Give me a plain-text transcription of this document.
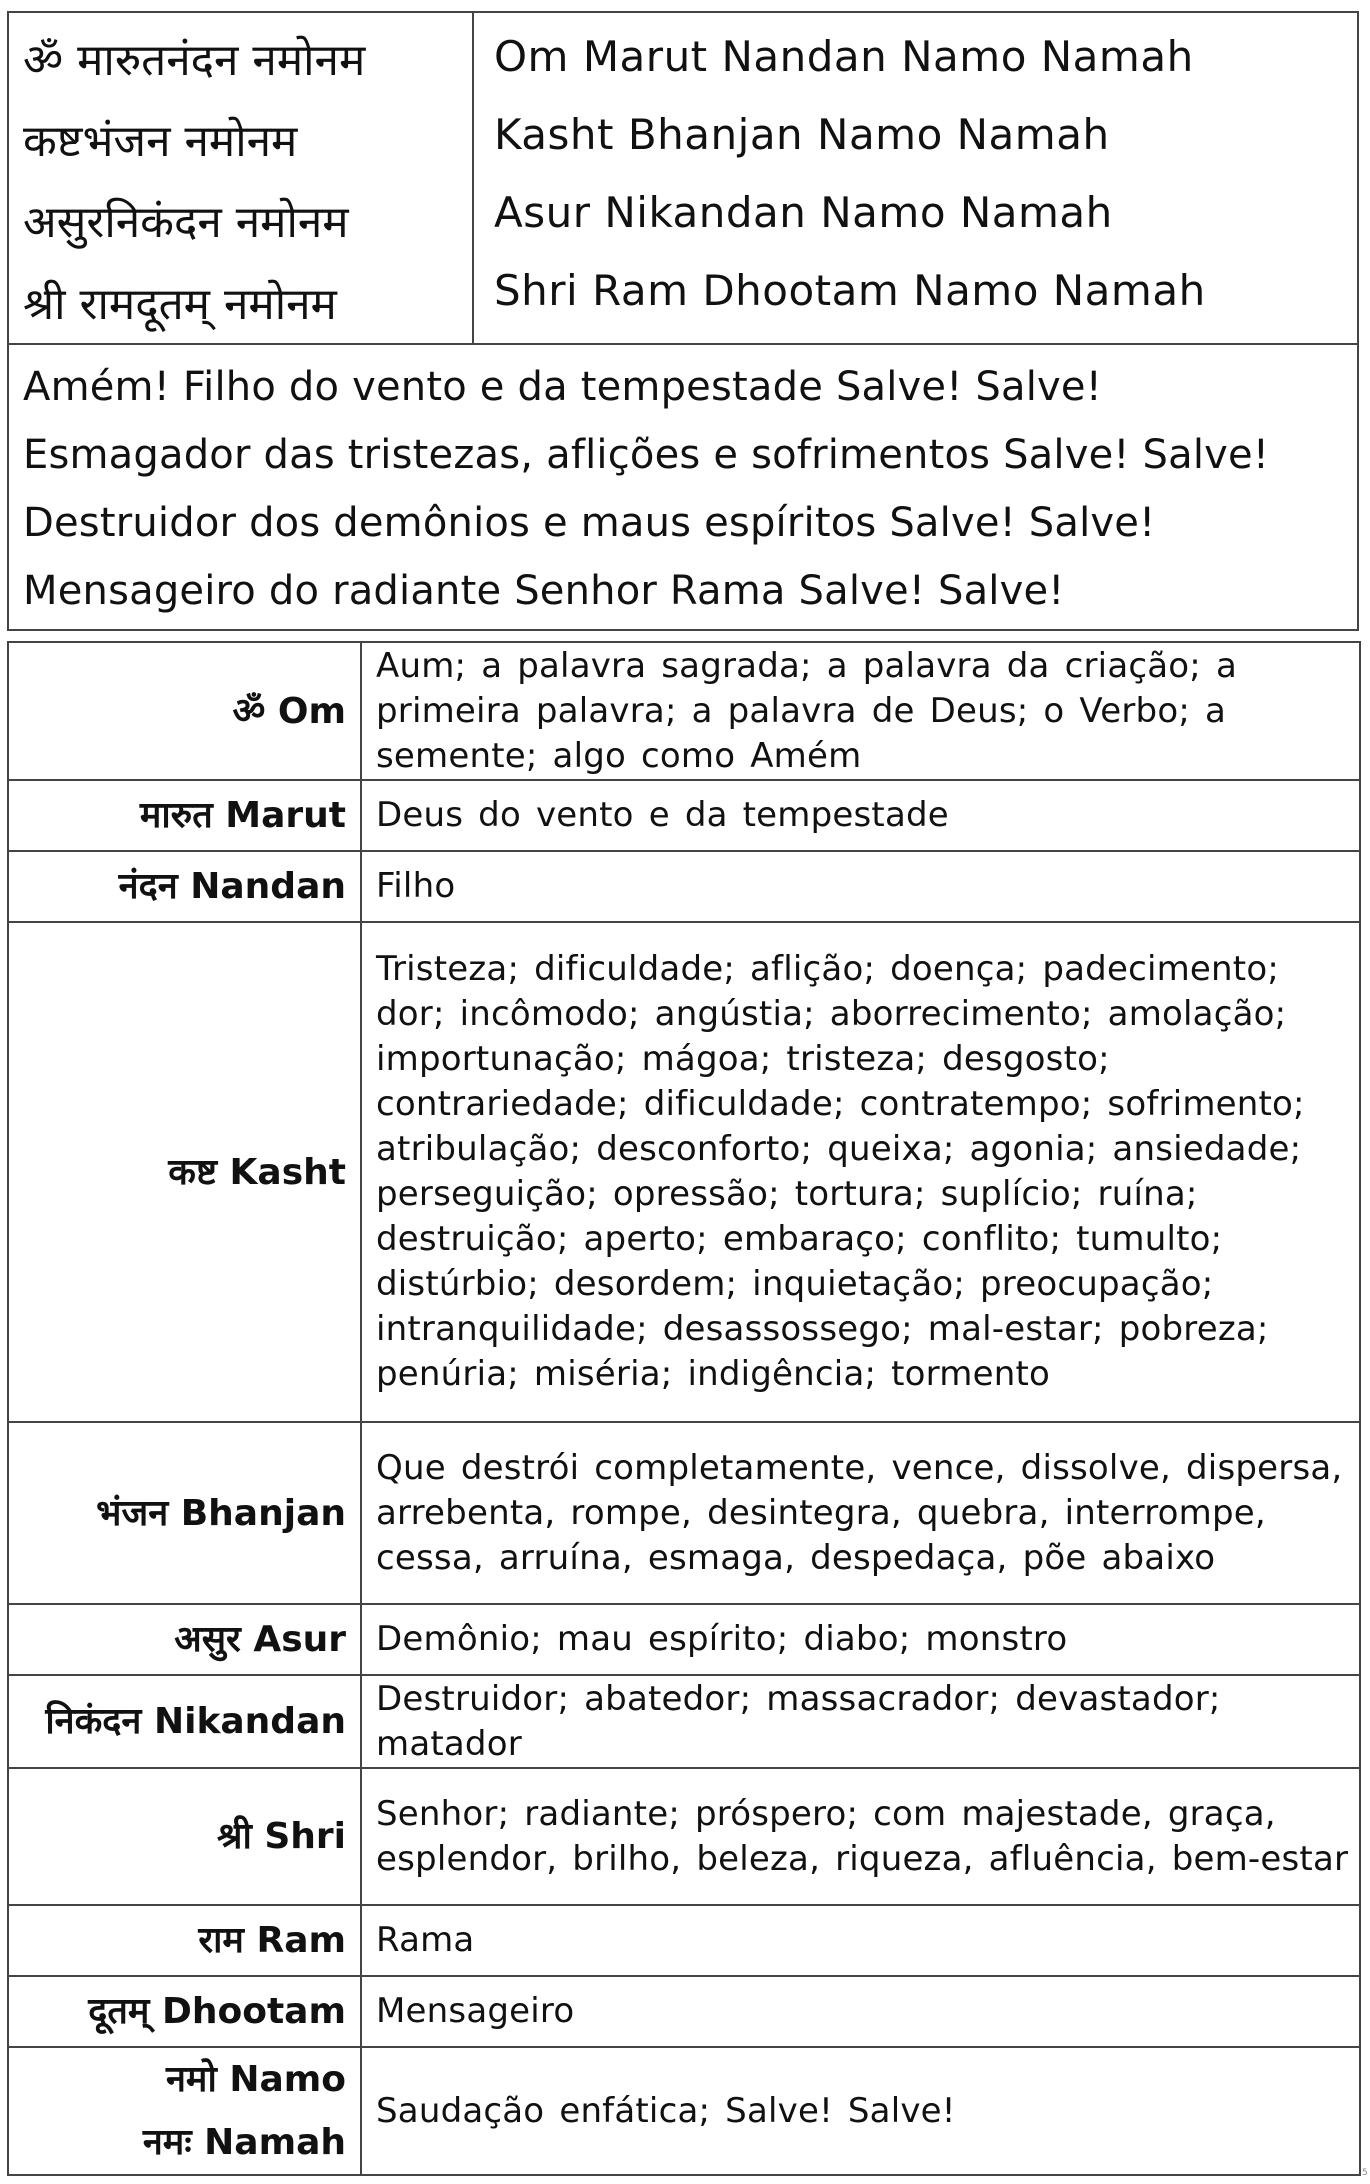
ॐ मारुतनंदन नमोनम
कष्टभंजन नमोनम
असुरनिकंदन नमोनम
श्री रामदूतम् नमोनम
Om Marut Nandan Namo Namah
Kasht Bhanjan Namo Namah
Asur Nikandan Namo Namah
Shri Ram Dhootam Namo Namah
Amém! Filho do vento e da tempestade Salve! Salve!
Esmagador das tristezas, aflições e sofrimentos Salve! Salve!
Destruidor dos demônios e maus espíritos Salve! Salve!
Mensageiro do radiante Senhor Rama Salve! Salve!
ॐ Om	Aum; a palavra sagrada; a palavra da criação; a primeira palavra; a palavra de Deus; o Verbo; a semente; algo como Amém
मारुत Marut	Deus do vento e da tempestade
नंदन Nandan	Filho
कष्ट Kasht	Tristeza; dificuldade; aflição; doença; padecimento; dor; incômodo; angústia; aborrecimento; amolação; importunação; mágoa; tristeza; desgosto; contrariedade; dificuldade; contratempo; sofrimento; atribulação; desconforto; queixa; agonia; ansiedade; perseguição; opressão; tortura; suplício; ruína; destruição; aperto; embaraço; conflito; tumulto; distúrbio; desordem; inquietação; preocupação; intranquilidade; desassossego; mal-estar; pobreza; penúria; miséria; indigência; tormento
भंजन Bhanjan	Que destrói completamente, vence, dissolve, dispersa, arrebenta, rompe, desintegra, quebra, interrompe, cessa, arruína, esmaga, despedaça, põe abaixo
असुर Asur	Demônio; mau espírito; diabo; monstro
निकंदन Nikandan	Destruidor; abatedor; massacrador; devastador; matador
श्री Shri	Senhor; radiante; próspero; com majestade, graça, esplendor, brilho, beleza, riqueza, afluência, bem-estar
राम Ram	Rama
दूतम् Dhootam	Mensageiro

नमो Namo
नमः Namah	Saudação enfática; Salve! Salve!
5
